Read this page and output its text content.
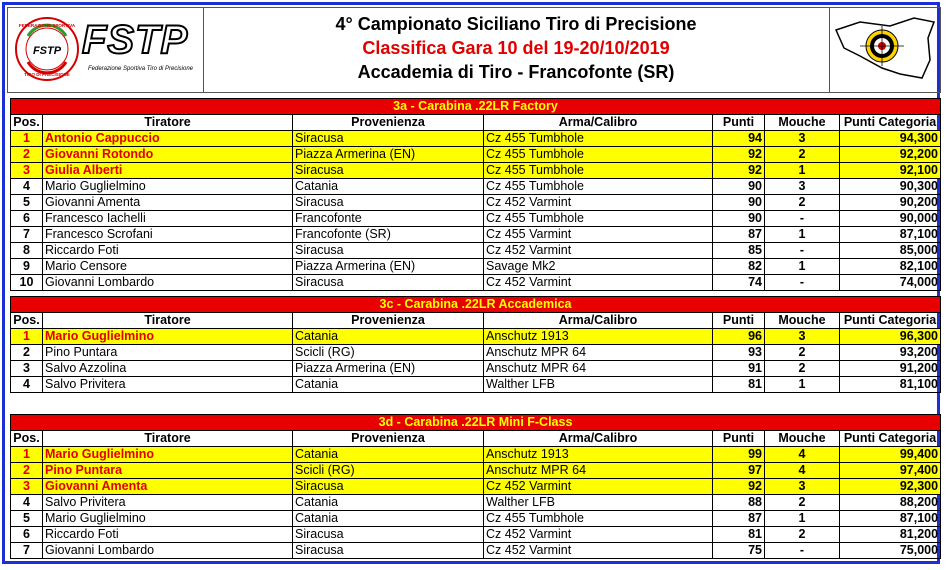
FSTP
FEDERAZIONE SPORTIVA
TIRO DI PRECISIONE
FSTP
Federazione Sportiva Tiro di Precisione
4° Campionato Siciliano Tiro di Precisione
Classifica Gara 10 del 19-20/10/2019
Accademia di Tiro - Francofonte (SR)
3a - Carabina .22LR Factory						
Pos.	Tiratore	Provenienza	Arma/Calibro	Punti	Mouche	Punti Categoria
1	Antonio Cappuccio	Siracusa	Cz 455 Tumbhole	94	3	94,300
2	Giovanni Rotondo	Piazza Armerina (EN)	Cz 455 Tumbhole	92	2	92,200
3	Giulia Alberti	Siracusa	Cz 455 Tumbhole	92	1	92,100
4	Mario Guglielmino	Catania	Cz 455 Tumbhole	90	3	90,300
5	Giovanni Amenta	Siracusa	Cz 452 Varmint	90	2	90,200
6	Francesco Iachelli	Francofonte	Cz 455 Tumbhole	90	-	90,000
7	Francesco Scrofani	Francofonte (SR)	Cz 455 Varmint	87	1	87,100
8	Riccardo Foti	Siracusa	Cz 452 Varmint	85	-	85,000
9	Mario Censore	Piazza Armerina (EN)	Savage Mk2	82	1	82,100
10	Giovanni Lombardo	Siracusa	Cz 452 Varmint	74	-	74,000
3c - Carabina .22LR Accademica						
Pos.	Tiratore	Provenienza	Arma/Calibro	Punti	Mouche	Punti Categoria
1	Mario Guglielmino	Catania	Anschutz 1913	96	3	96,300
2	Pino Puntara	Scicli (RG)	Anschutz MPR 64	93	2	93,200
3	Salvo Azzolina	Piazza Armerina (EN)	Anschutz MPR 64	91	2	91,200
4	Salvo Privitera	Catania	Walther LFB	81	1	81,100
3d - Carabina .22LR Mini F-Class						
Pos.	Tiratore	Provenienza	Arma/Calibro	Punti	Mouche	Punti Categoria
1	Mario Guglielmino	Catania	Anschutz 1913	99	4	99,400
2	Pino Puntara	Scicli (RG)	Anschutz MPR 64	97	4	97,400
3	Giovanni Amenta	Siracusa	Cz 452 Varmint	92	3	92,300
4	Salvo Privitera	Catania	Walther LFB	88	2	88,200
5	Mario Guglielmino	Catania	Cz 455 Tumbhole	87	1	87,100
6	Riccardo Foti	Siracusa	Cz 452 Varmint	81	2	81,200
7	Giovanni Lombardo	Siracusa	Cz 452 Varmint	75	-	75,000
